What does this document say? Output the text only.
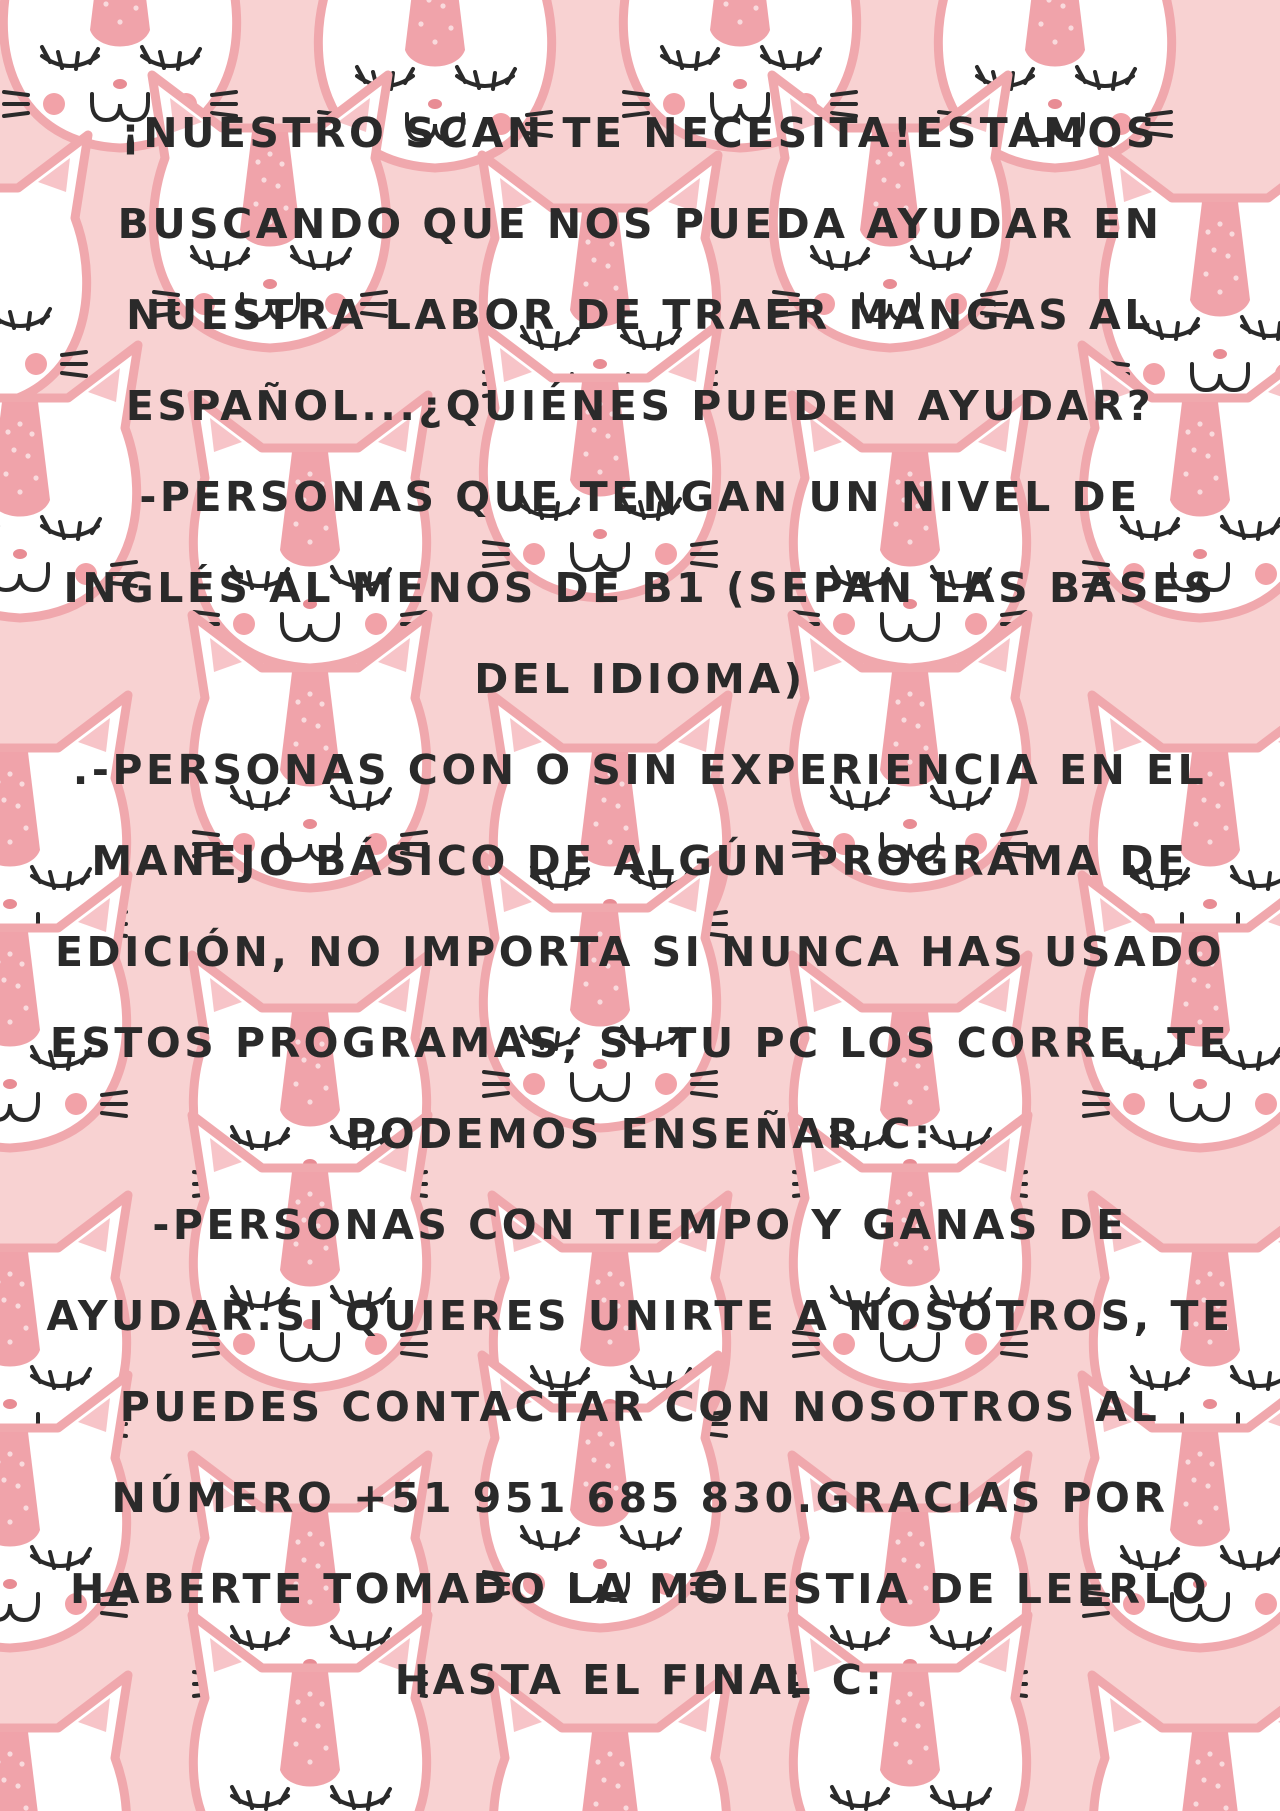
¡NUESTRO SCAN TE NECESITA!ESTAMOS
BUSCANDO QUE NOS PUEDA AYUDAR EN
NUESTRA LABOR DE TRAER MANGAS AL
ESPAÑOL...¿QUIÉNES PUEDEN AYUDAR?
-PERSONAS QUE TENGAN UN NIVEL DE
INGLÉS AL MENOS DE B1 (SEPAN LAS BASES
DEL IDIOMA)
.-PERSONAS CON O SIN EXPERIENCIA EN EL
MANEJO BÁSICO DE ALGÚN PROGRAMA DE
EDICIÓN, NO IMPORTA SI NUNCA HAS USADO
ESTOS PROGRAMAS, SI TU PC LOS CORRE, TE
PODEMOS ENSEÑAR C:
-PERSONAS CON TIEMPO Y GANAS DE
AYUDAR.SI QUIERES UNIRTE A NOSOTROS, TE
PUEDES CONTACTAR CON NOSOTROS AL
NÚMERO +51 951 685 830.GRACIAS POR
HABERTE TOMADO LA MOLESTIA DE LEERLO
HASTA EL FINAL C:
